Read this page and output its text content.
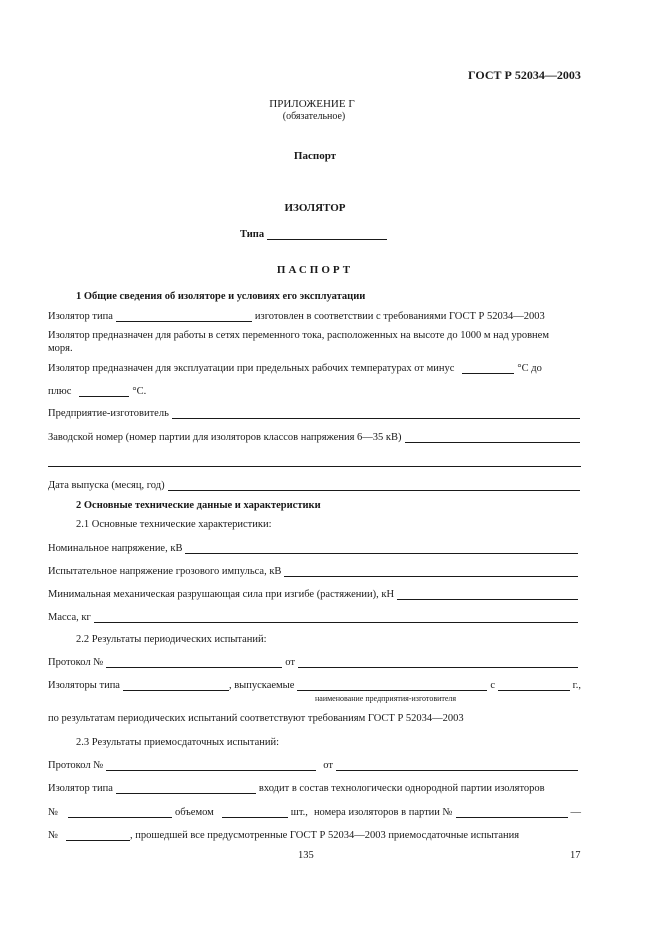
ГОСТ Р 52034—2003
ПРИЛОЖЕНИЕ Г
(обязательное)
Паспорт
ИЗОЛЯТОР
Типа
ПАСПОРТ
1 Общие сведения об изоляторе и условиях его эксплуатации
Изолятор типа	изготовлен в соответствии с требованиями ГОСТ Р 52034—2003
Изолятор предназначен для работы в сетях переменного тока, расположенных на высоте до 1000 м над уровнем
моря.
Изолятор предназначен для эксплуатации при предельных рабочих температурах от минус	°С до
плюс	°С.
Предприятие-изготовитель
Заводской номер (номер партии для изоляторов классов напряжения 6—35 кВ)
Дата выпуска (месяц, год)
2 Основные технические данные и характеристики
2.1 Основные технические характеристики:
Номинальное напряжение, кВ
Испытательное напряжение грозового импульса, кВ
Минимальная механическая разрушающая сила при изгибе (растяжении), кН
Масса, кг
2.2 Результаты периодических испытаний:
Протокол №	от
Изоляторы типа	, выпускаемые	с	г.,
наименование предприятия-изготовителя
по результатам периодических испытаний соответствуют требованиям ГОСТ Р 52034—2003
2.3 Результаты приемосдаточных испытаний:
Протокол №	от
Изолятор типа	входит в состав технологически однородной партии изоляторов
№	объемом	шт., номера изоляторов в партии №	—
№	, прошедшей все предусмотренные ГОСТ Р 52034—2003 приемосдаточные испытания
135	17
